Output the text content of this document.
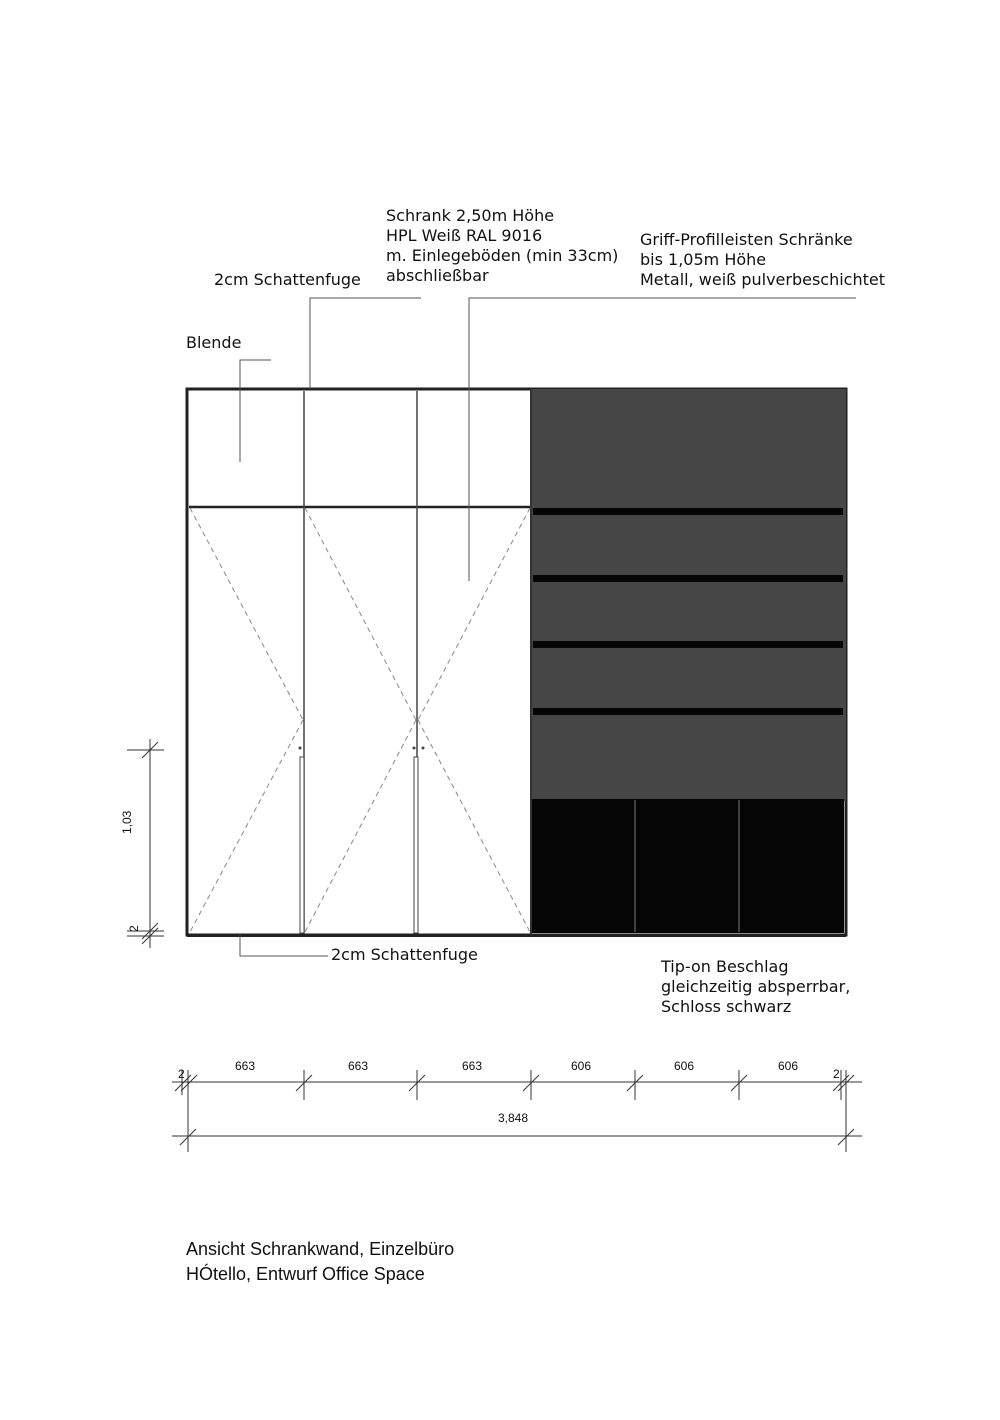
Schrank 2,50m Höhe
HPL Weiß RAL 9016
m. Einlegeböden (min 33cm)
abschließbar
Griff-Profilleisten Schränke
bis 1,05m Höhe
Metall, weiß pulverbeschichtet
2cm Schattenfuge
Blende
2cm Schattenfuge
Tip-on Beschlag
gleichzeitig absperrbar,
Schloss schwarz
1,03
2
2
663	663	663	606	606	606
2
3,848
Ansicht Schrankwand, Einzelbüro
HÓtello, Entwurf Office Space
